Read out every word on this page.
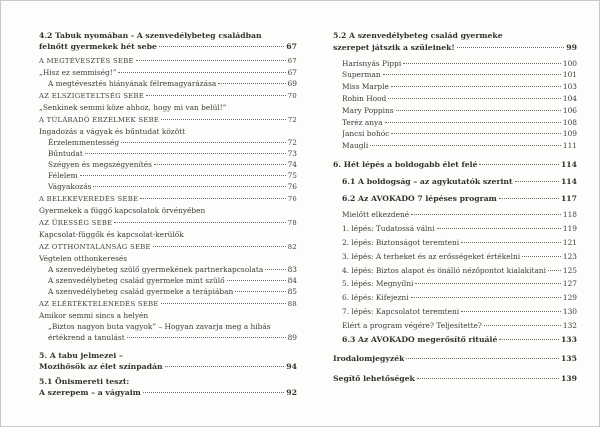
4.2 Tabuk nyomában - A szenvedélybeteg családban
felnőtt gyermekek hét sebe	67
A MEGTÉVESZTÉS SEBE	67
„Hisz ez semmiség!”	67
A megtévesztés hiányának félremagyarázása	69
AZ ELSZIGETELTSÉG SEBE	70
„Senkinek semmi köze ahhoz, hogy mi van belül!”
A TÚLÁRADÓ ÉRZELMEK SEBE	72
Ingadozás a vágyak és bűntudat között
Érzelemmentesség	72
Bűntudat	73
Szégyen és megszégyenítés	74
Félelem	75
Vágyakozás	76
A BELEKEVEREDÉS SEBE	76
Gyermekek a függő kapcsolatok örvényében
AZ ÜRESSÉG SEBE	78
Kapcsolat-függők és kapcsolat-kerülők
AZ OTTHONTALANSÁG SEBE	82
Végtelen otthonkeresés
A szenvedélybeteg szülő gyermekének partnerkapcsolata	83
A szenvedélybeteg család gyermeke mint szülő	84
A szenvedélybeteg család gyermeke a terápiában	85
AZ ELÉRTÉKTELENEDÉS SEBE	88
Amikor semmi sincs a helyén
„Biztos nagyon buta vagyok” – Hogyan zavarja meg a hibás
értékrend a tanulást	89
5. A tabu jelmezei –
Mozihősök az élet színpadán	94
5.1 Önismereti teszt:
A szerepem – a vágyaim	92
5.2 A szenvedélybeteg család gyermeke
szerepet játszik a szüleinek!	99
Harisnyás Pippi	100
Superman	101
Miss Marple	103
Robin Hood	104
Mary Poppins	106
Teréz anya	108
Jancsi bohóc	109
Maugli	111
6. Hét lépés a boldogabb élet felé	114
6.1 A boldogság – az agykutatók szerint	114
6.2 Az AVOKADO 7 lépéses program	117
Mielőtt elkezdené	118
1. lépés: Tudatossá válni	119
2. lépés: Biztonságot teremteni	121
3. lépés: A terheket és az erősségeket értékelni	123
4. lépés: Biztos alapot és önálló nézőpontot kialakítani 125
5. lépés: Megnyílni	127
6. lépés: Kifejezni	129
7. lépés: Kapcsolatot teremteni	130
Elért a program végére? Teljesítette?	132
6.3 Az AVOKADO megerősítő rituálé	133
Irodalomjegyzék	135
Segítő lehetőségek	139
